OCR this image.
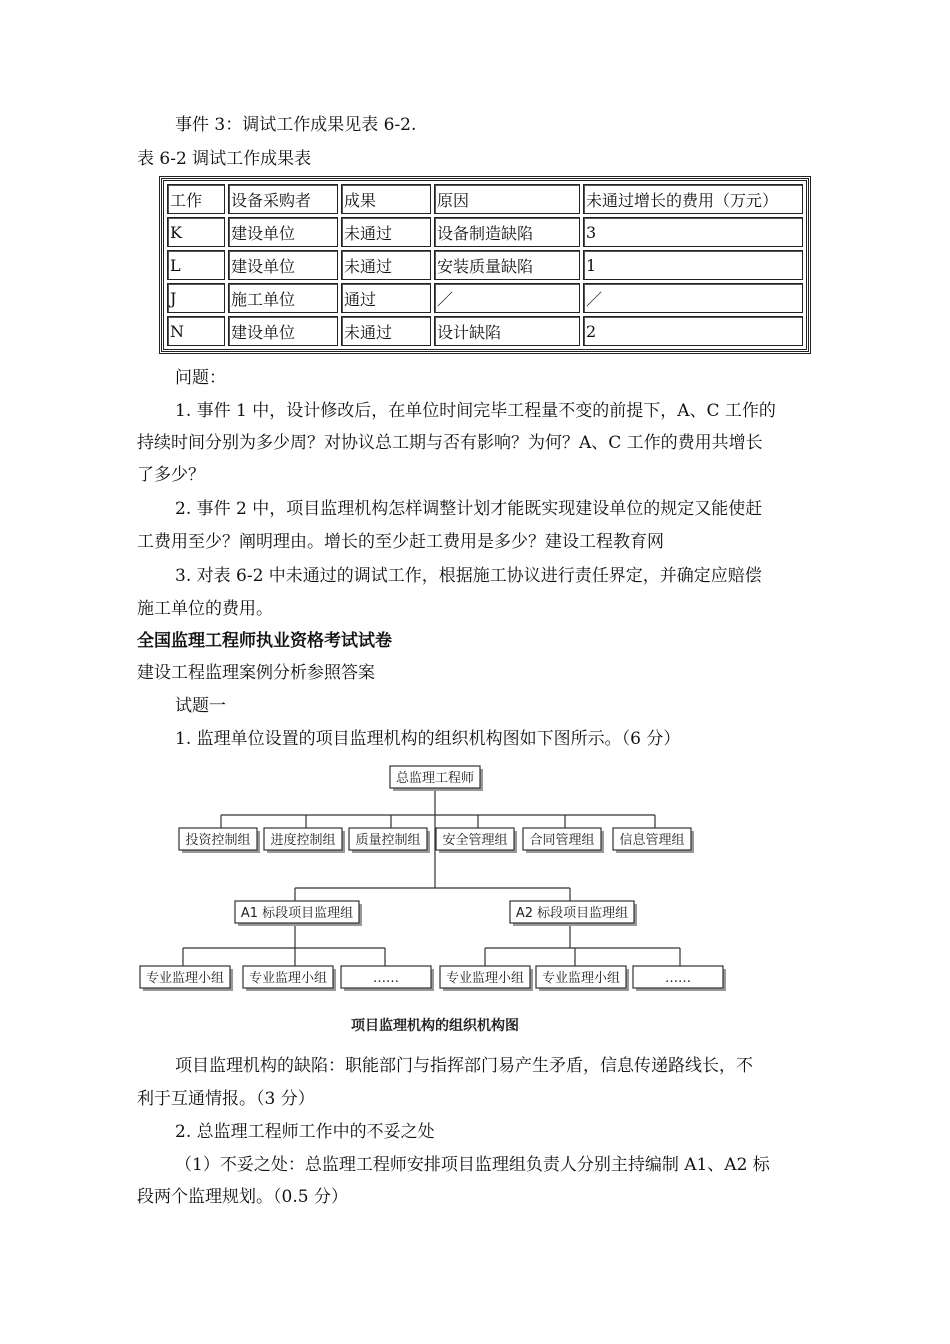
事件 3：调试工作成果见表 6-2.
表 6-2 调试工作成果表
工作	设备采购者	成果	原因	未通过增长的费用（万元）
K	建设单位	未通过	设备制造缺陷	3
L	建设单位	未通过	安装质量缺陷	1
J	施工单位	通过	／	／
N	建设单位	未通过	设计缺陷	2
问题：
1. 事件 1 中，设计修改后，在单位时间完毕工程量不变的前提下，A、C 工作的
持续时间分别为多少周？对协议总工期与否有影响？为何？A、C 工作的费用共增长
了多少？
2. 事件 2 中，项目监理机构怎样调整计划才能既实现建设单位的规定又能使赶
工费用至少？阐明理由。增长的至少赶工费用是多少？建设工程教育网
3. 对表 6-2 中未通过的调试工作，根据施工协议进行责任界定，并确定应赔偿
施工单位的费用。
全国监理工程师执业资格考试试卷
建设工程监理案例分析参照答案
试题一
1. 监理单位设置的项目监理机构的组织机构图如下图所示。（6 分）
总监理工程师
投资控制组 进度控制组 质量控制组 安全管理组 合同管理组 信息管理组
A1 标段项目监理组	A2 标段项目监理组
专业监理小组 专业监理小组	……	专业监理小组 专业监理小组	……
项目监理机构的组织机构图
项目监理机构的缺陷：职能部门与指挥部门易产生矛盾，信息传递路线长，不
利于互通情报。（3 分）
2. 总监理工程师工作中的不妥之处
（1）不妥之处：总监理工程师安排项目监理组负责人分别主持编制 A1、A2 标
段两个监理规划。（0.5 分）
